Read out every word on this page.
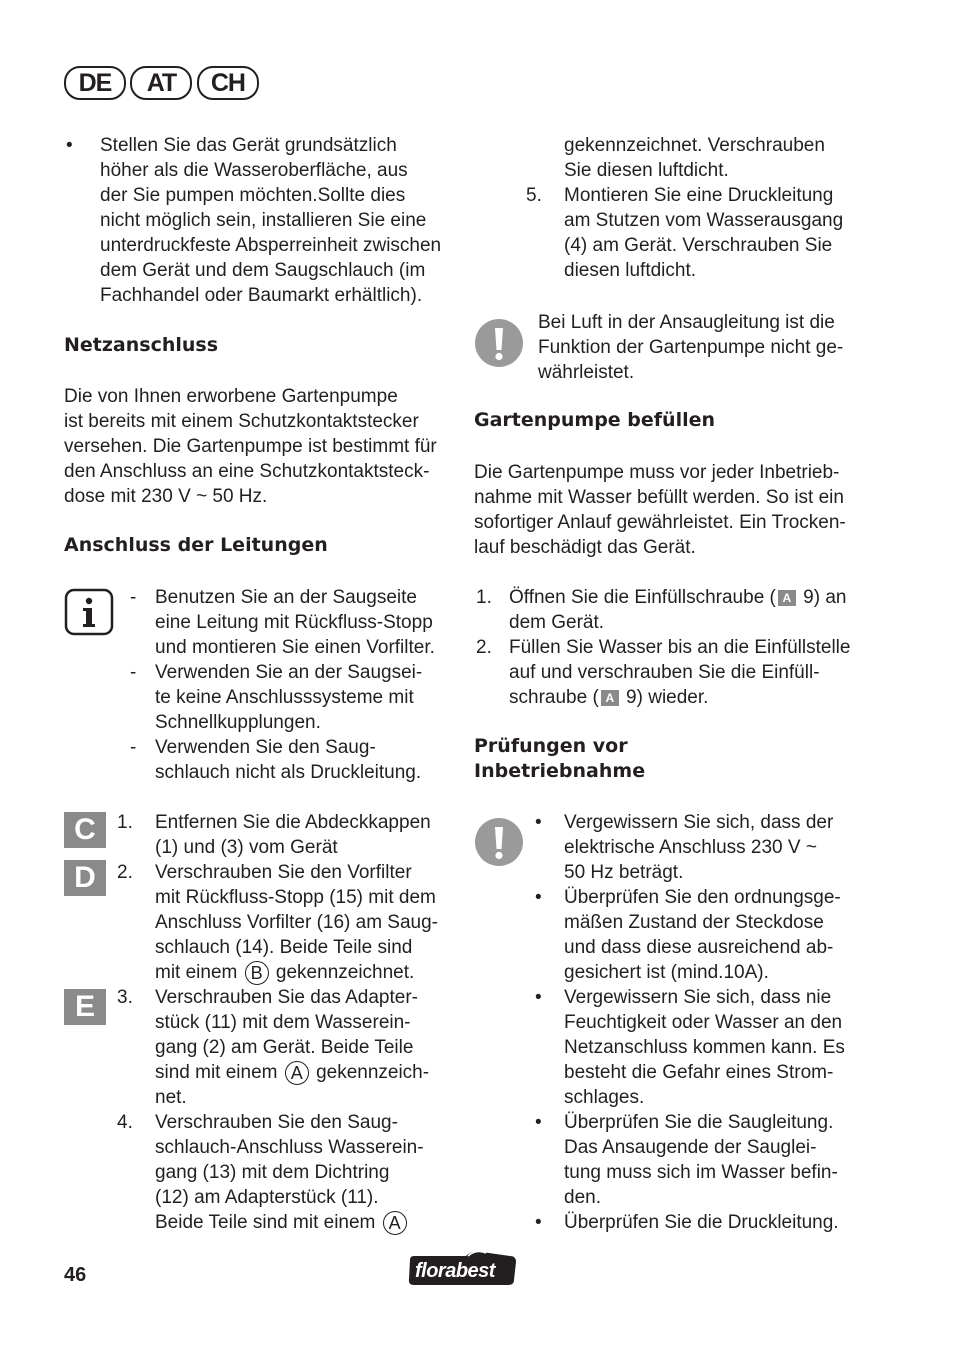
DE AT CH
• Stellen Sie das Gerät grundsätzlich
höher als die Wasseroberfläche, aus
der Sie pumpen möchten.Sollte dies
nicht möglich sein, installieren Sie eine
unterdruckfeste Absperreinheit zwischen
dem Gerät und dem Saugschlauch (im
Fachhandel oder Baumarkt erhältlich).
Netzanschluss
Die von Ihnen erworbene Gartenpumpe
ist bereits mit einem Schutzkontaktstecker
versehen. Die Gartenpumpe ist bestimmt für
den Anschluss an eine Schutzkontaktsteck-
dose mit 230 V ~ 50 Hz.
Anschluss der Leitungen
- Benutzen Sie an der Saugseite
eine Leitung mit Rückfluss-Stopp
und montieren Sie einen Vorfilter.
- Verwenden Sie an der Saugsei-
te keine Anschlusssysteme mit
Schnellkupplungen.
- Verwenden Sie den Saug-
schlauch nicht als Druckleitung.
C
D
E
1. Entfernen Sie die Abdeckkappen
(1) und (3) vom Gerät
2. Verschrauben Sie den Vorfilter
mit Rückfluss-Stopp (15) mit dem
Anschluss Vorfilter (16) am Saug-
schlauch (14). Beide Teile sind
mit einem B gekennzeichnet.
3. Verschrauben Sie das Adapter-
stück (11) mit dem Wasserein-
gang (2) am Gerät. Beide Teile
sind mit einem A gekennzeich-
net.
4. Verschrauben Sie den Saug-
schlauch-Anschluss Wasserein-
gang (13) mit dem Dichtring
(12) am Adapterstück (11).
Beide Teile sind mit einem A
gekennzeichnet. Verschrauben
Sie diesen luftdicht.
5. Montieren Sie eine Druckleitung
am Stutzen vom Wasserausgang
(4) am Gerät. Verschrauben Sie
diesen luftdicht.
Bei Luft in der Ansaugleitung ist die
Funktion der Gartenpumpe nicht ge-
währleistet.
Gartenpumpe befüllen
Die Gartenpumpe muss vor jeder Inbetrieb-
nahme mit Wasser befüllt werden. So ist ein
sofortiger Anlauf gewährleistet. Ein Trocken-
lauf beschädigt das Gerät.
1. Öffnen Sie die Einfüllschraube ( A 9) an
dem Gerät.
2. Füllen Sie Wasser bis an die Einfüllstelle
auf und verschrauben Sie die Einfüll-
schraube ( A 9) wieder.
Prüfungen vor
Inbetriebnahme
• Vergewissern Sie sich, dass der
elektrische Anschluss 230 V ~
50 Hz beträgt.
• Überprüfen Sie den ordnungsge-
mäßen Zustand der Steckdose
und dass diese ausreichend ab-
gesichert ist (mind.10A).
• Vergewissern Sie sich, dass nie
Feuchtigkeit oder Wasser an den
Netzanschluss kommen kann. Es
besteht die Gefahr eines Strom-
schlages.
• Überprüfen Sie die Saugleitung.
Das Ansaugende der Sauglei-
tung muss sich im Wasser befin-
den.
• Überprüfen Sie die Druckleitung.
46	florabest
